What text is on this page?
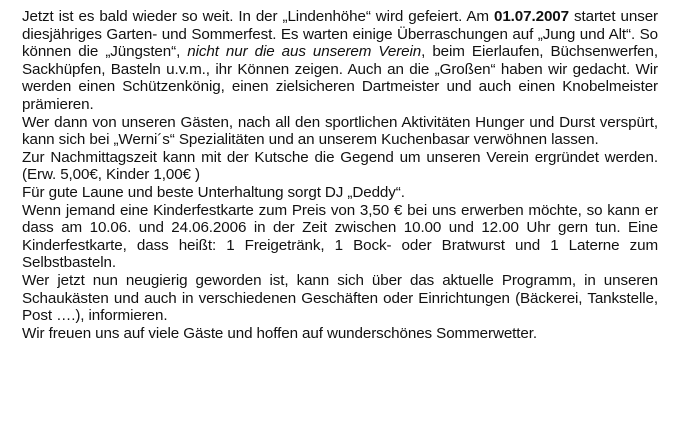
Jetzt ist es bald wieder so weit. In der „Lindenhöhe“ wird gefeiert. Am 01.07.2007 startet unser diesjähriges Garten- und Sommerfest. Es warten einige Überraschungen auf „Jung und Alt“. So können die „Jüngsten“, nicht nur die aus unserem Verein, beim Eierlaufen, Büchsenwerfen, Sackhüpfen, Basteln u.v.m., ihr Können zeigen. Auch an die „Großen“ haben wir gedacht. Wir werden einen Schützenkönig, einen zielsicheren Dartmeister und auch einen Knobelmeister prämieren.

Wer dann von unseren Gästen, nach all den sportlichen Aktivitäten Hunger und Durst verspürt, kann sich bei „Werni´s“ Spezialitäten und an unserem Kuchenbasar verwöhnen lassen.

Zur Nachmittagszeit kann mit der Kutsche die Gegend um unseren Verein ergründet werden. (Erw. 5,00€, Kinder 1,00€ )

Für gute Laune und beste Unterhaltung sorgt DJ „Deddy“.

Wenn jemand eine Kinderfestkarte zum Preis von 3,50 € bei uns erwerben möchte, so kann er dass am 10.06. und 24.06.2006 in der Zeit zwischen 10.00 und 12.00 Uhr gern tun. Eine Kinderfestkarte, dass heißt: 1 Freigetränk, 1 Bock- oder Bratwurst und 1 Laterne zum Selbstbasteln.

Wer jetzt nun neugierig geworden ist, kann sich über das aktuelle Programm, in unseren Schaukästen und auch in verschiedenen Geschäften oder Einrichtungen (Bäckerei, Tankstelle, Post ….), informieren.

Wir freuen uns auf viele Gäste und hoffen auf wunderschönes Sommerwetter.
